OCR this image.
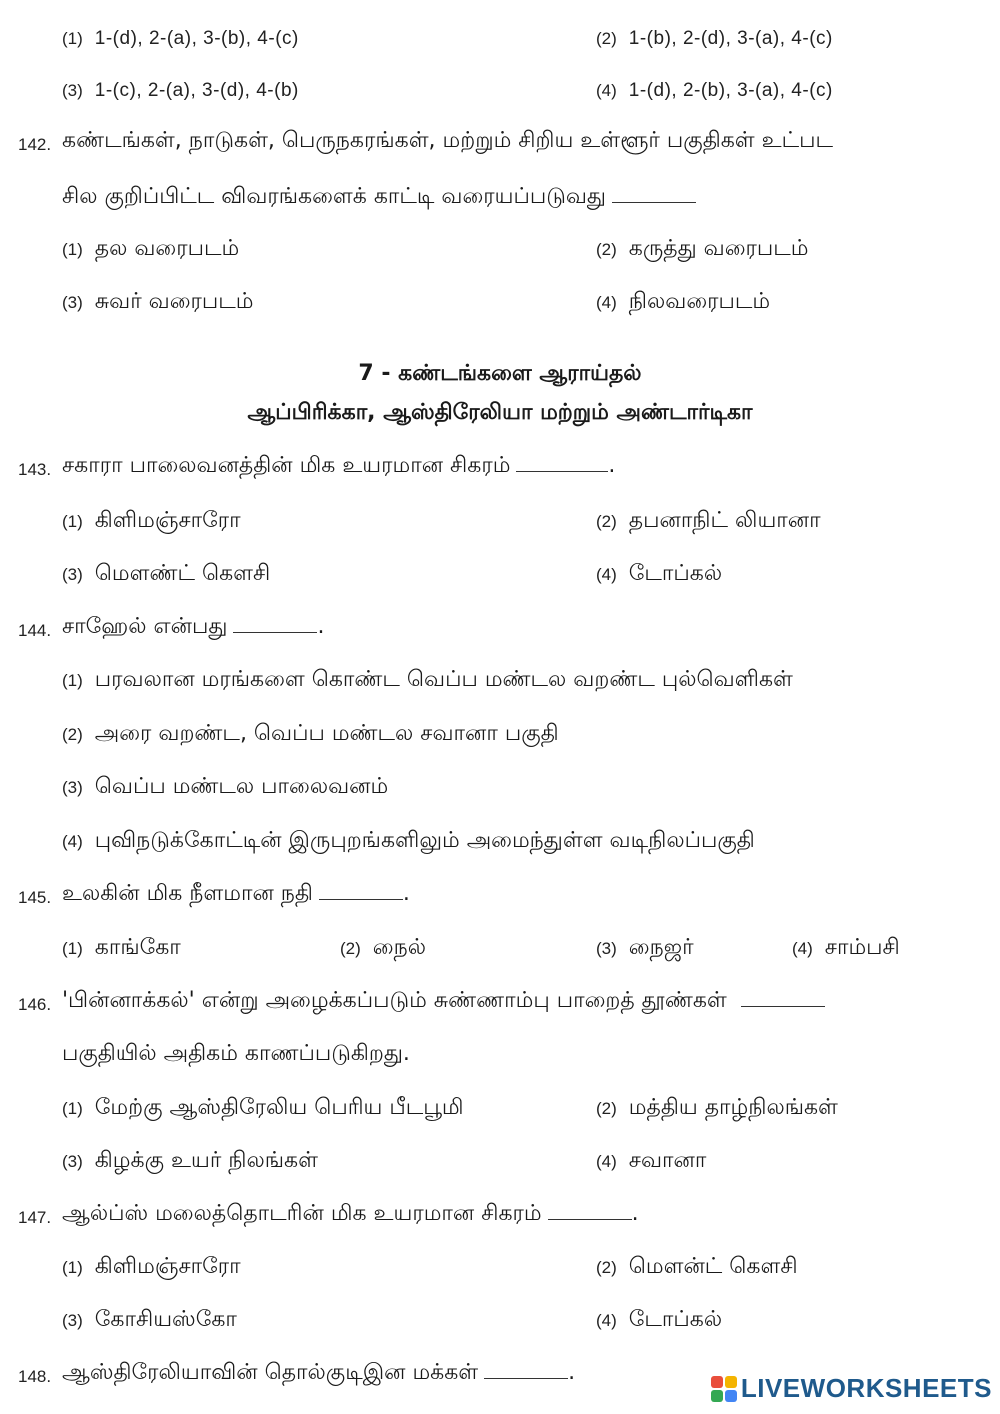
(1) 1-(d), 2-(a), 3-(b), 4-(c)	(2) 1-(b), 2-(d), 3-(a), 4-(c)
(3) 1-(c), 2-(a), 3-(d), 4-(b)	(4) 1-(d), 2-(b), 3-(a), 4-(c)
142. கண்டங்கள், நாடுகள், பெருநகரங்கள், மற்றும் சிறிய உள்ளூர் பகுதிகள் உட்பட
சில குறிப்பிட்ட விவரங்களைக் காட்டி வரையப்படுவது
(1) தல வரைபடம்	(2) கருத்து வரைபடம்
(3) சுவர் வரைபடம்	(4) நிலவரைபடம்
7 - கண்டங்களை ஆராய்தல்
ஆப்பிரிக்கா, ஆஸ்திரேலியா மற்றும் அண்டார்டிகா
143. சகாரா பாலைவனத்தின் மிக உயரமான சிகரம்	.
(1) கிளிமஞ்சாரோ	(2) தபனாநிட் லியானா
(3) மௌண்ட் கௌசி	(4) டோப்கல்
144. சாஹேல் என்பது	.
(1) பரவலான மரங்களை கொண்ட வெப்ப மண்டல வறண்ட புல்வெளிகள்
(2) அரை வறண்ட, வெப்ப மண்டல சவானா பகுதி
(3) வெப்ப மண்டல பாலைவனம்
(4) புவிநடுக்கோட்டின் இருபுறங்களிலும் அமைந்துள்ள வடிநிலப்பகுதி
145. உலகின் மிக நீளமான நதி	.
(1) காங்கோ	(2) நைல்	(3) நைஜர்	(4) சாம்பசி
146. 'பின்னாக்கல்' என்று அழைக்கப்படும் சுண்ணாம்பு பாறைத் தூண்கள்
பகுதியில் அதிகம் காணப்படுகிறது.
(1) மேற்கு ஆஸ்திரேலிய பெரிய பீடபூமி	(2) மத்திய தாழ்நிலங்கள்
(3) கிழக்கு உயர் நிலங்கள்	(4) சவானா
147. ஆல்ப்ஸ் மலைத்தொடரின் மிக உயரமான சிகரம்	.
(1) கிளிமஞ்சாரோ	(2) மௌன்ட் கௌசி
(3) கோசியஸ்கோ	(4) டோப்கல்
148. ஆஸ்திரேலியாவின் தொல்குடிஇன மக்கள்	.
LIVEWORKSHEETS
